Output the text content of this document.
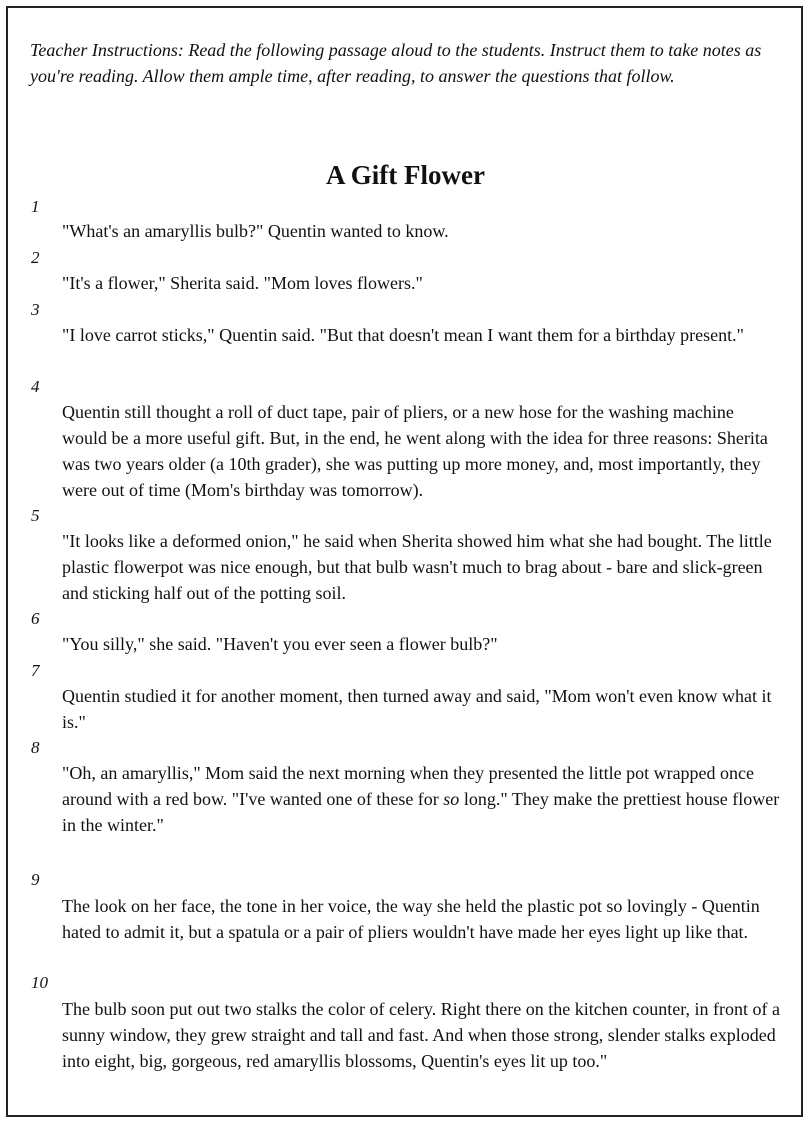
Teacher Instructions: Read the following passage aloud to the students. Instruct them to take notes as you're reading. Allow them ample time, after reading, to answer the questions that follow.
A Gift Flower
1
"What's an amaryllis bulb?" Quentin wanted to know.
2
"It's a flower," Sherita said. "Mom loves flowers."
3
"I love carrot sticks," Quentin said. "But that doesn't mean I want them for a birthday present."
4
Quentin still thought a roll of duct tape, pair of pliers, or a new hose for the washing machine would be a more useful gift. But, in the end, he went along with the idea for three reasons: Sherita was two years older (a 10th grader), she was putting up more money, and, most importantly, they were out of time (Mom's birthday was tomorrow).
5
"It looks like a deformed onion," he said when Sherita showed him what she had bought. The little plastic flowerpot was nice enough, but that bulb wasn't much to brag about - bare and slick-green and sticking half out of the potting soil.
6
"You silly," she said. "Haven't you ever seen a flower bulb?"
7
Quentin studied it for another moment, then turned away and said, "Mom won't even know what it is."
8
"Oh, an amaryllis," Mom said the next morning when they presented the little pot wrapped once around with a red bow. "I've wanted one of these for so long." They make the prettiest house flower in the winter."
9
The look on her face, the tone in her voice, the way she held the plastic pot so lovingly - Quentin hated to admit it, but a spatula or a pair of pliers wouldn't have made her eyes light up like that.
10
The bulb soon put out two stalks the color of celery. Right there on the kitchen counter, in front of a sunny window, they grew straight and tall and fast. And when those strong, slender stalks exploded into eight, big, gorgeous, red amaryllis blossoms, Quentin's eyes lit up too."
